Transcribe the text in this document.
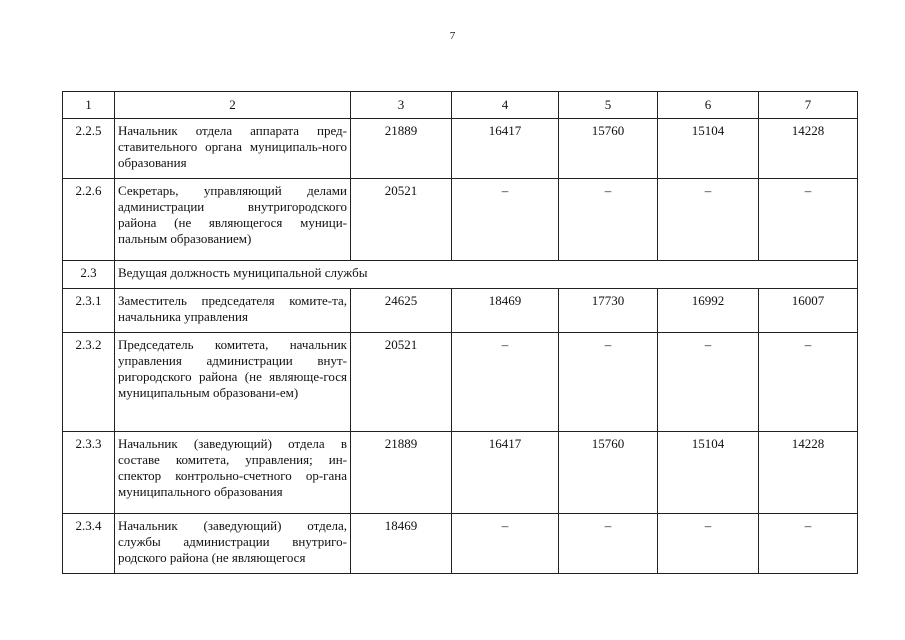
7
1	2	3	4	5	6	7
2.2.5	Начальник отдела аппарата пред-ставительного органа муниципаль-ного образования	21889	16417	15760	15104	14228
2.2.6	Секретарь, управляющий делами администрации внутригородского района (не являющегося муници-пальным образованием)	20521	–	–	–	–
2.3	Ведущая должность муниципальной службы					
2.3.1	Заместитель председателя комите-та, начальника управления	24625	18469	17730	16992	16007
2.3.2	Председатель комитета, начальник управления администрации внут-ригородского района (не являюще-гося муниципальным образовани-ем)	20521	–	–	–	–
2.3.3	Начальник (заведующий) отдела в составе комитета, управления; ин-спектор контрольно-счетного ор-гана муниципального образования	21889	16417	15760	15104	14228
2.3.4	Начальник (заведующий) отдела, службы администрации внутриго-родского района (не являющегося	18469	–	–	–	–
